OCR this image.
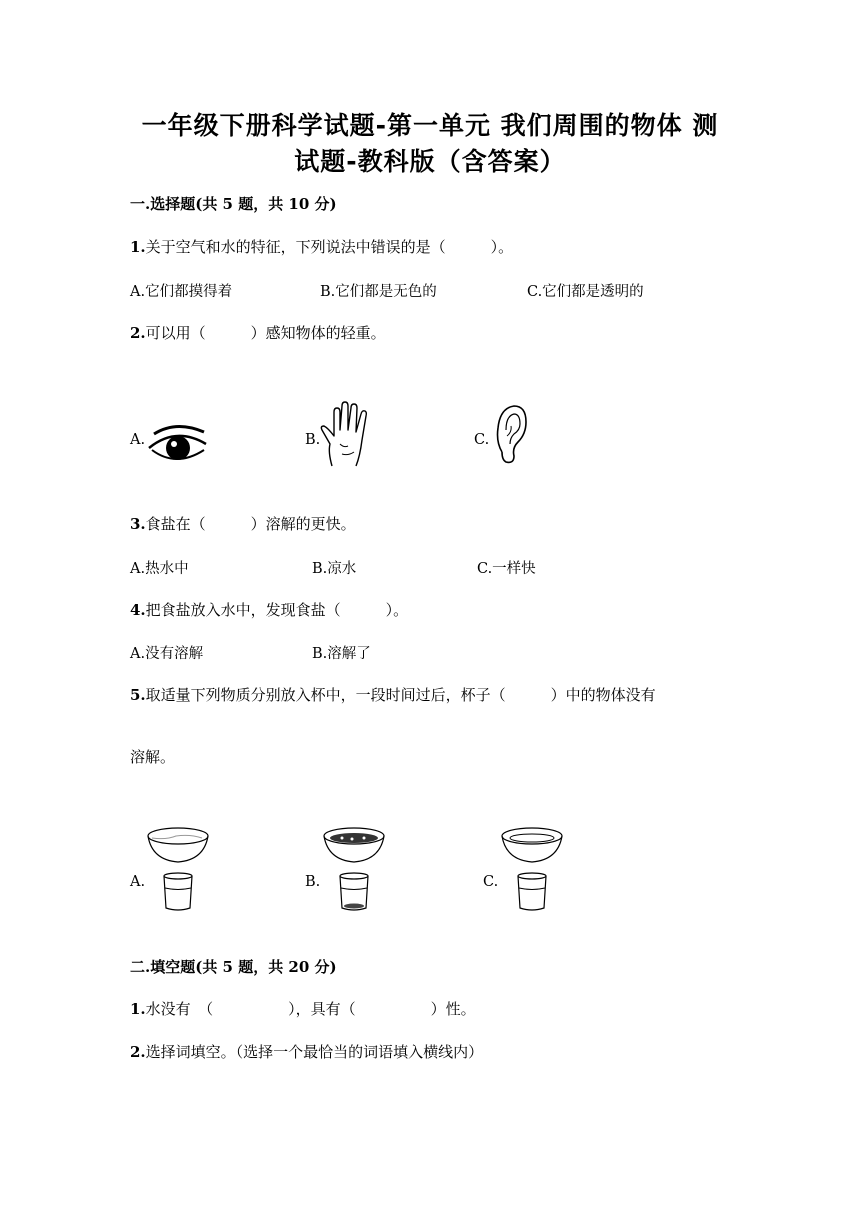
一年级下册科学试题-第一单元 我们周围的物体 测
试题-教科版（含答案）
一.选择题(共 5 题，共 10 分)
1.关于空气和水的特征，下列说法中错误的是（　　　）。
A.它们都摸得着	B.它们都是无色的	C.它们都是透明的
2.可以用（　　　）感知物体的轻重。
A.	B.	C.
3.食盐在（　　　）溶解的更快。
A.热水中	B.凉水	C.一样快
4.把食盐放入水中，发现食盐（　　　）。
A.没有溶解	B.溶解了
5.取适量下列物质分别放入杯中，一段时间过后，杯子（　　　）中的物体没有
溶解。
A.	B.	C.
二.填空题(共 5 题，共 20 分)
1.水没有　（　　　　　），具有（　　　　　）性。
2.选择词填空。（选择一个最恰当的词语填入横线内）
